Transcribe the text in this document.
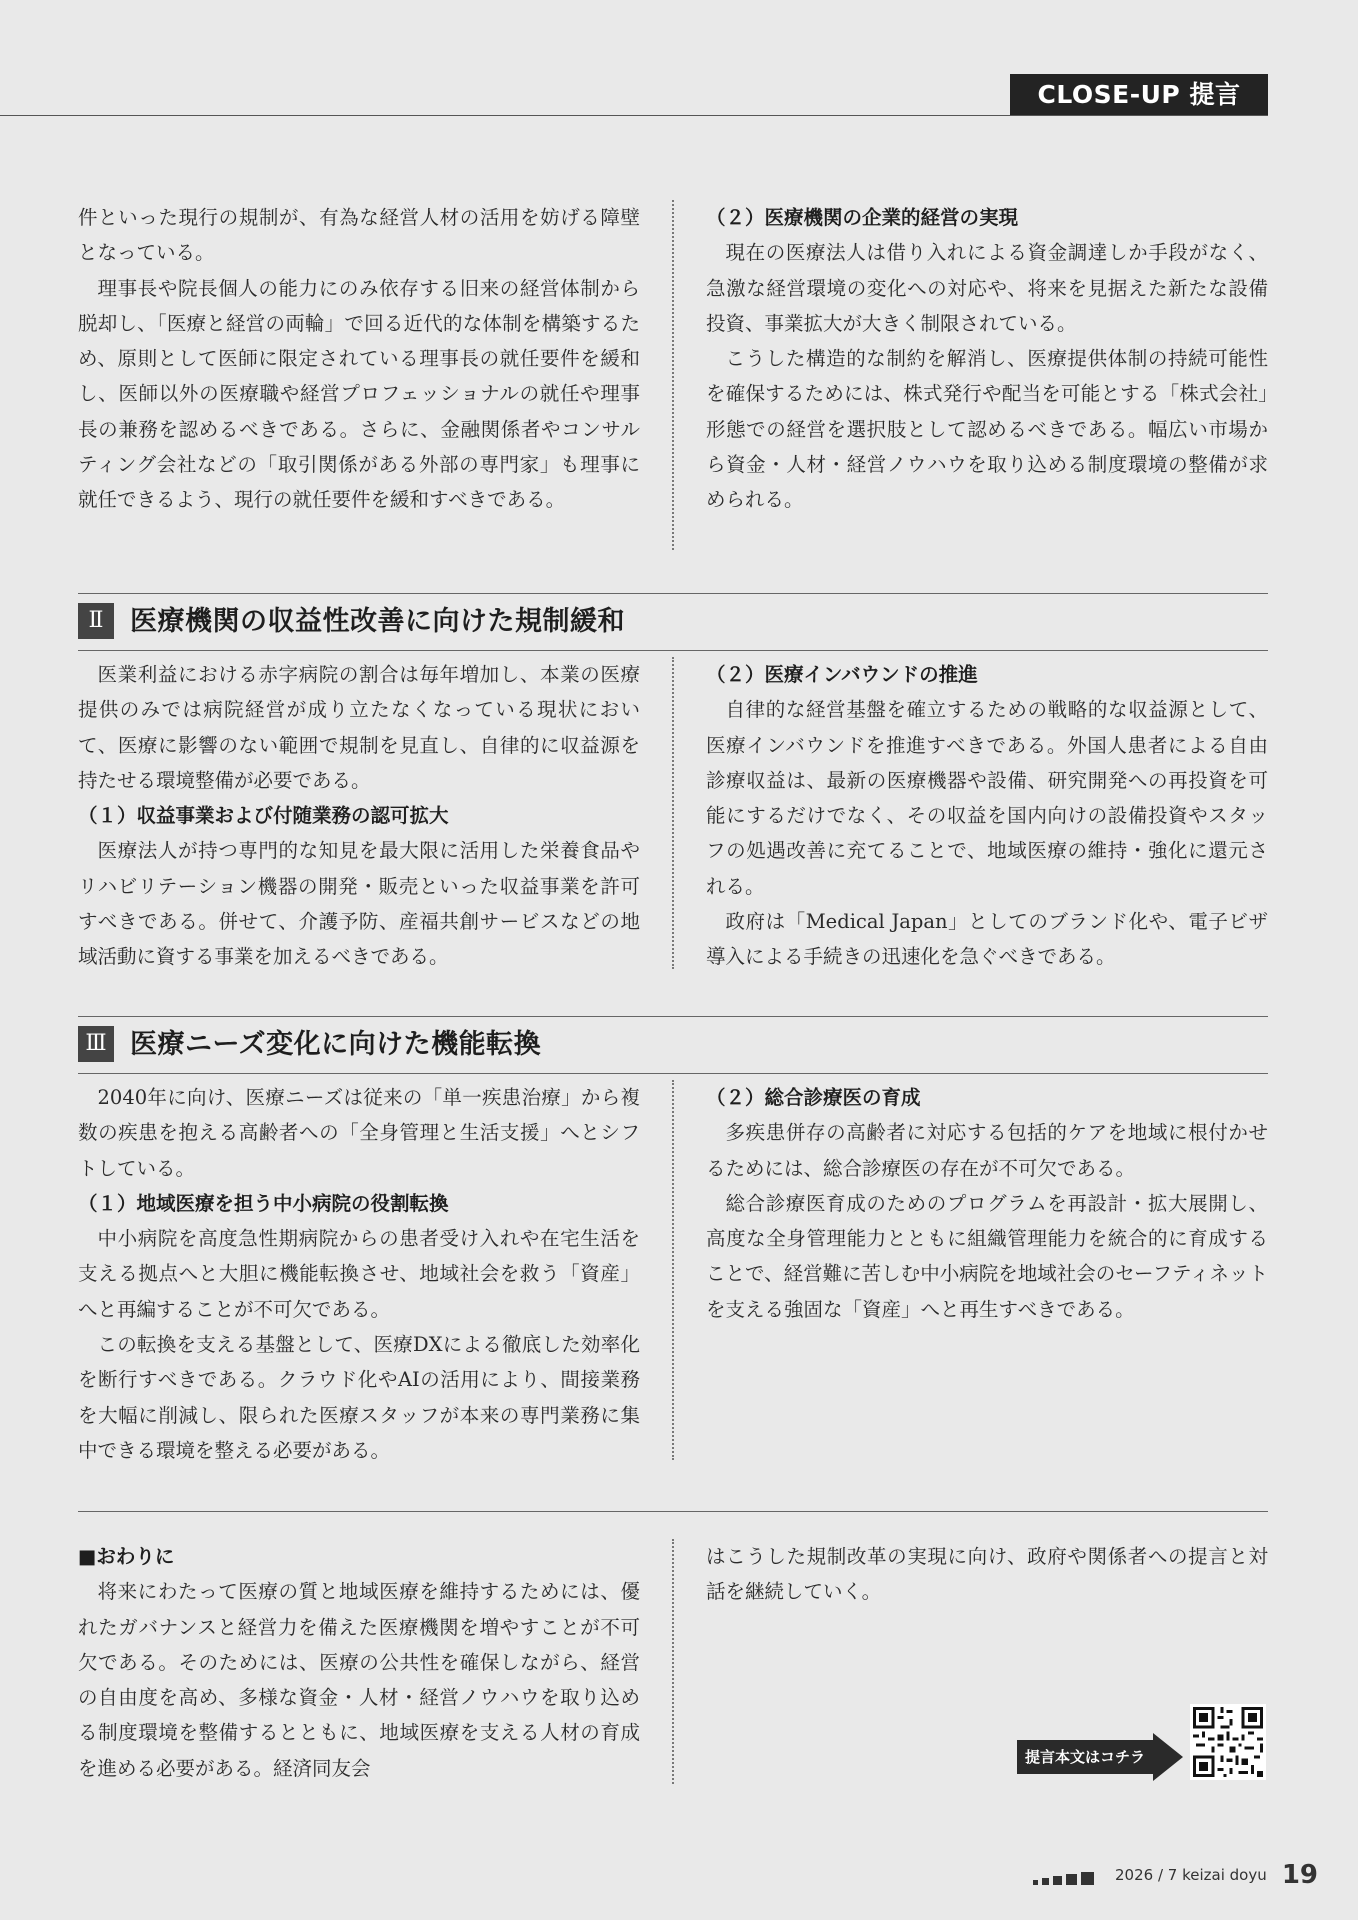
CLOSE-UP 提言

件といった現行の規制が、有為な経営人材の活用を妨げる障壁となっている。

理事長や院長個人の能力にのみ依存する旧来の経営体制から脱却し、「医療と経営の両輪」で回る近代的な体制を構築するため、原則として医師に限定されている理事長の就任要件を緩和し、医師以外の医療職や経営プロフェッショナルの就任や理事長の兼務を認めるべきである。さらに、金融関係者やコンサルティング会社などの「取引関係がある外部の専門家」も理事に就任できるよう、現行の就任要件を緩和すべきである。

（２）医療機関の企業的経営の実現

現在の医療法人は借り入れによる資金調達しか手段がなく、急激な経営環境の変化への対応や、将来を見据えた新たな設備投資、事業拡大が大きく制限されている。

こうした構造的な制約を解消し、医療提供体制の持続可能性を確保するためには、株式発行や配当を可能とする「株式会社」形態での経営を選択肢として認めるべきである。幅広い市場から資金・人材・経営ノウハウを取り込める制度環境の整備が求められる。

Ⅱ 医療機関の収益性改善に向けた規制緩和

医業利益における赤字病院の割合は毎年増加し、本業の医療提供のみでは病院経営が成り立たなくなっている現状において、医療に影響のない範囲で規制を見直し、自律的に収益源を持たせる環境整備が必要である。

（１）収益事業および付随業務の認可拡大

医療法人が持つ専門的な知見を最大限に活用した栄養食品やリハビリテーション機器の開発・販売といった収益事業を許可すべきである。併せて、介護予防、産福共創サービスなどの地域活動に資する事業を加えるべきである。

（２）医療インバウンドの推進

自律的な経営基盤を確立するための戦略的な収益源として、医療インバウンドを推進すべきである。外国人患者による自由診療収益は、最新の医療機器や設備、研究開発への再投資を可能にするだけでなく、その収益を国内向けの設備投資やスタッフの処遇改善に充てることで、地域医療の維持・強化に還元される。

政府は「Medical Japan」としてのブランド化や、電子ビザ導入による手続きの迅速化を急ぐべきである。

Ⅲ 医療ニーズ変化に向けた機能転換

2040年に向け、医療ニーズは従来の「単一疾患治療」から複数の疾患を抱える高齢者への「全身管理と生活支援」へとシフトしている。

（１）地域医療を担う中小病院の役割転換

中小病院を高度急性期病院からの患者受け入れや在宅生活を支える拠点へと大胆に機能転換させ、地域社会を救う「資産」へと再編することが不可欠である。

この転換を支える基盤として、医療DXによる徹底した効率化を断行すべきである。クラウド化やAIの活用により、間接業務を大幅に削減し、限られた医療スタッフが本来の専門業務に集中できる環境を整える必要がある。

（２）総合診療医の育成

多疾患併存の高齢者に対応する包括的ケアを地域に根付かせるためには、総合診療医の存在が不可欠である。

総合診療医育成のためのプログラムを再設計・拡大展開し、高度な全身管理能力とともに組織管理能力を統合的に育成することで、経営難に苦しむ中小病院を地域社会のセーフティネットを支える強固な「資産」へと再生すべきである。

■おわりに

将来にわたって医療の質と地域医療を維持するためには、優れたガバナンスと経営力を備えた医療機関を増やすことが不可欠である。そのためには、医療の公共性を確保しながら、経営の自由度を高め、多様な資金・人材・経営ノウハウを取り込める制度環境を整備するとともに、地域医療を支える人材の育成を進める必要がある。経済同友会

はこうした規制改革の実現に向け、政府や関係者への提言と対話を継続していく。

提言本文はコチラ
2026 / 7 keizai doyu 19
